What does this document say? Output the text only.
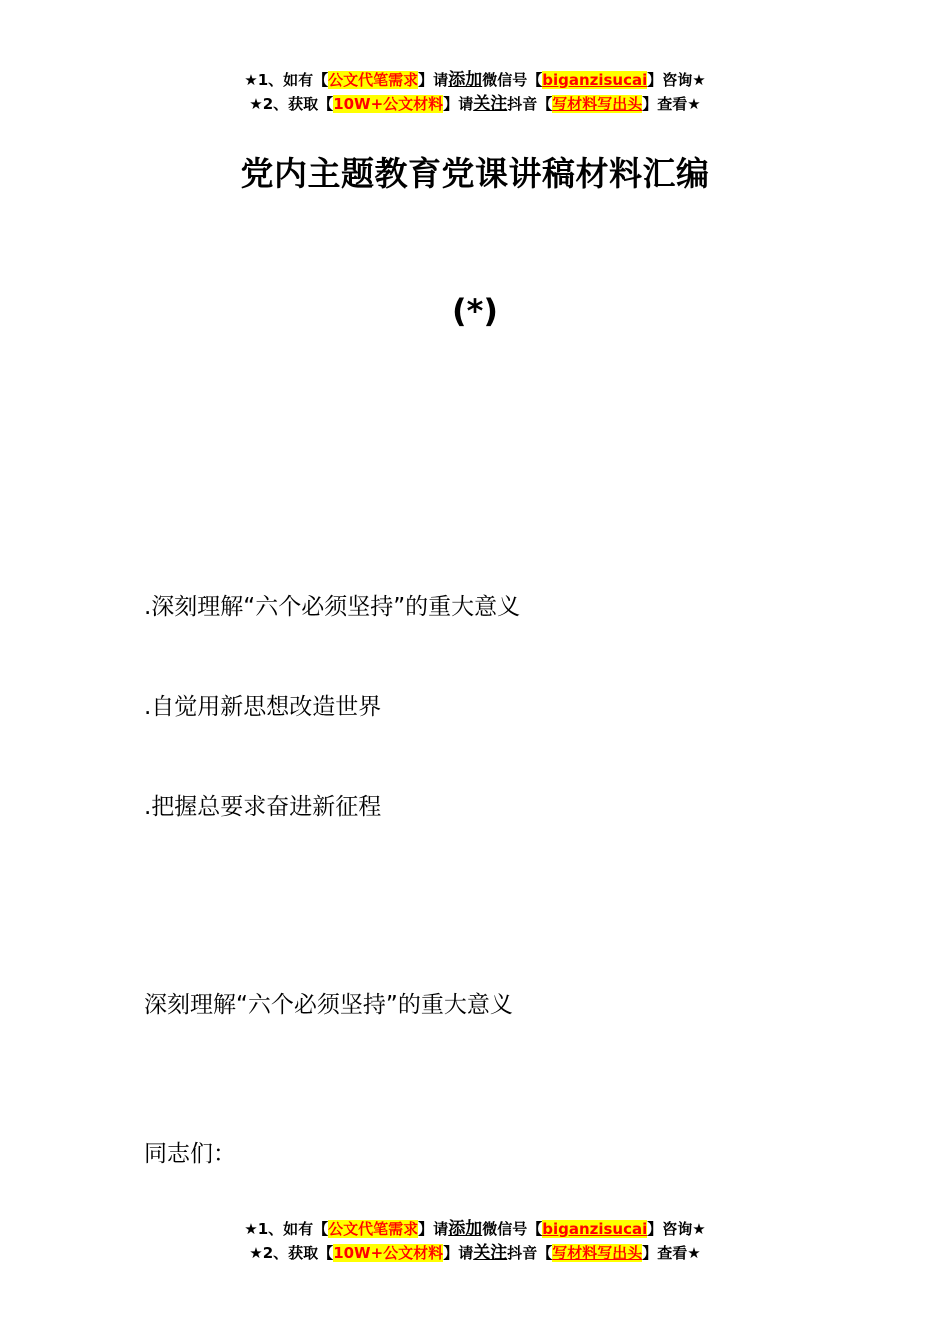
★1、如有【公文代笔需求】请添加微信号【biganzisucai】咨询★
★2、获取【10W+公文材料】请关注抖音【写材料写出头】查看★
党内主题教育党课讲稿材料汇编
(*)
.深刻理解“六个必须坚持”的重大意义
.自觉用新思想改造世界
.把握总要求奋进新征程
深刻理解“六个必须坚持”的重大意义
同志们：
★1、如有【公文代笔需求】请添加微信号【biganzisucai】咨询★
★2、获取【10W+公文材料】请关注抖音【写材料写出头】查看★
